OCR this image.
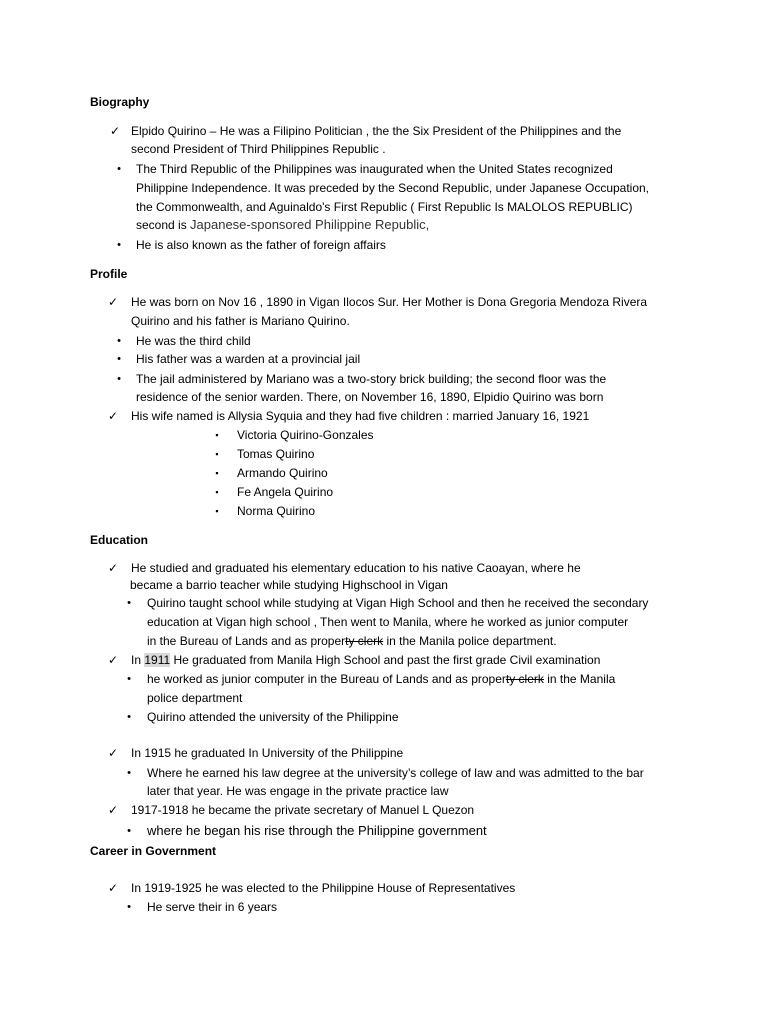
Biography
✓ Elpido Quirino – He was a Filipino Politician , the the Six President of the Philippines and the
second President of Third Philippines Republic .
•	The Third Republic of the Philippines was inaugurated when the United States recognized
Philippine Independence. It was preceded by the Second Republic, under Japanese Occupation,
the Commonwealth, and Aguinaldo's First Republic ( First Republic Is MALOLOS REPUBLIC)
second is Japanese-sponsored Philippine Republic,
•	He is also known as the father of foreign affairs
Profile
✓ He was born on Nov 16 , 1890 in Vigan Ilocos Sur. Her Mother is Dona Gregoria Mendoza Rivera
Quirino and his father is Mariano Quirino.
•	He was the third child
•	His father was a warden at a provincial jail
•	The jail administered by Mariano was a two-story brick building; the second floor was the
residence of the senior warden. There, on November 16, 1890, Elpidio Quirino was born
✓ His wife named is Allysia Syquia and they had five children : married January 16, 1921
▪	Victoria Quirino-Gonzales
▪	Tomas Quirino
▪	Armando Quirino
▪	Fe Angela Quirino
▪	Norma Quirino
Education
✓ He studied and graduated his elementary education to his native Caoayan, where he
became a barrio teacher while studying Highschool in Vigan
•	Quirino taught school while studying at Vigan High School and then he received the secondary
education at Vigan high school , Then went to Manila, where he worked as junior computer
in the Bureau of Lands and as property clerk in the Manila police department.
✓ In 1911 He graduated from Manila High School and past the first grade Civil examination
•	he worked as junior computer in the Bureau of Lands and as property clerk in the Manila
police department
•	Quirino attended the university of the Philippine
✓ In 1915 he graduated In University of the Philippine
•	Where he earned his law degree at the university’s college of law and was admitted to the bar
later that year. He was engage in the private practice law
✓ 1917-1918 he became the private secretary of Manuel L Quezon
•	where he began his rise through the Philippine government
Career in Government
✓ In 1919-1925 he was elected to the Philippine House of Representatives
•	He serve their in 6 years
